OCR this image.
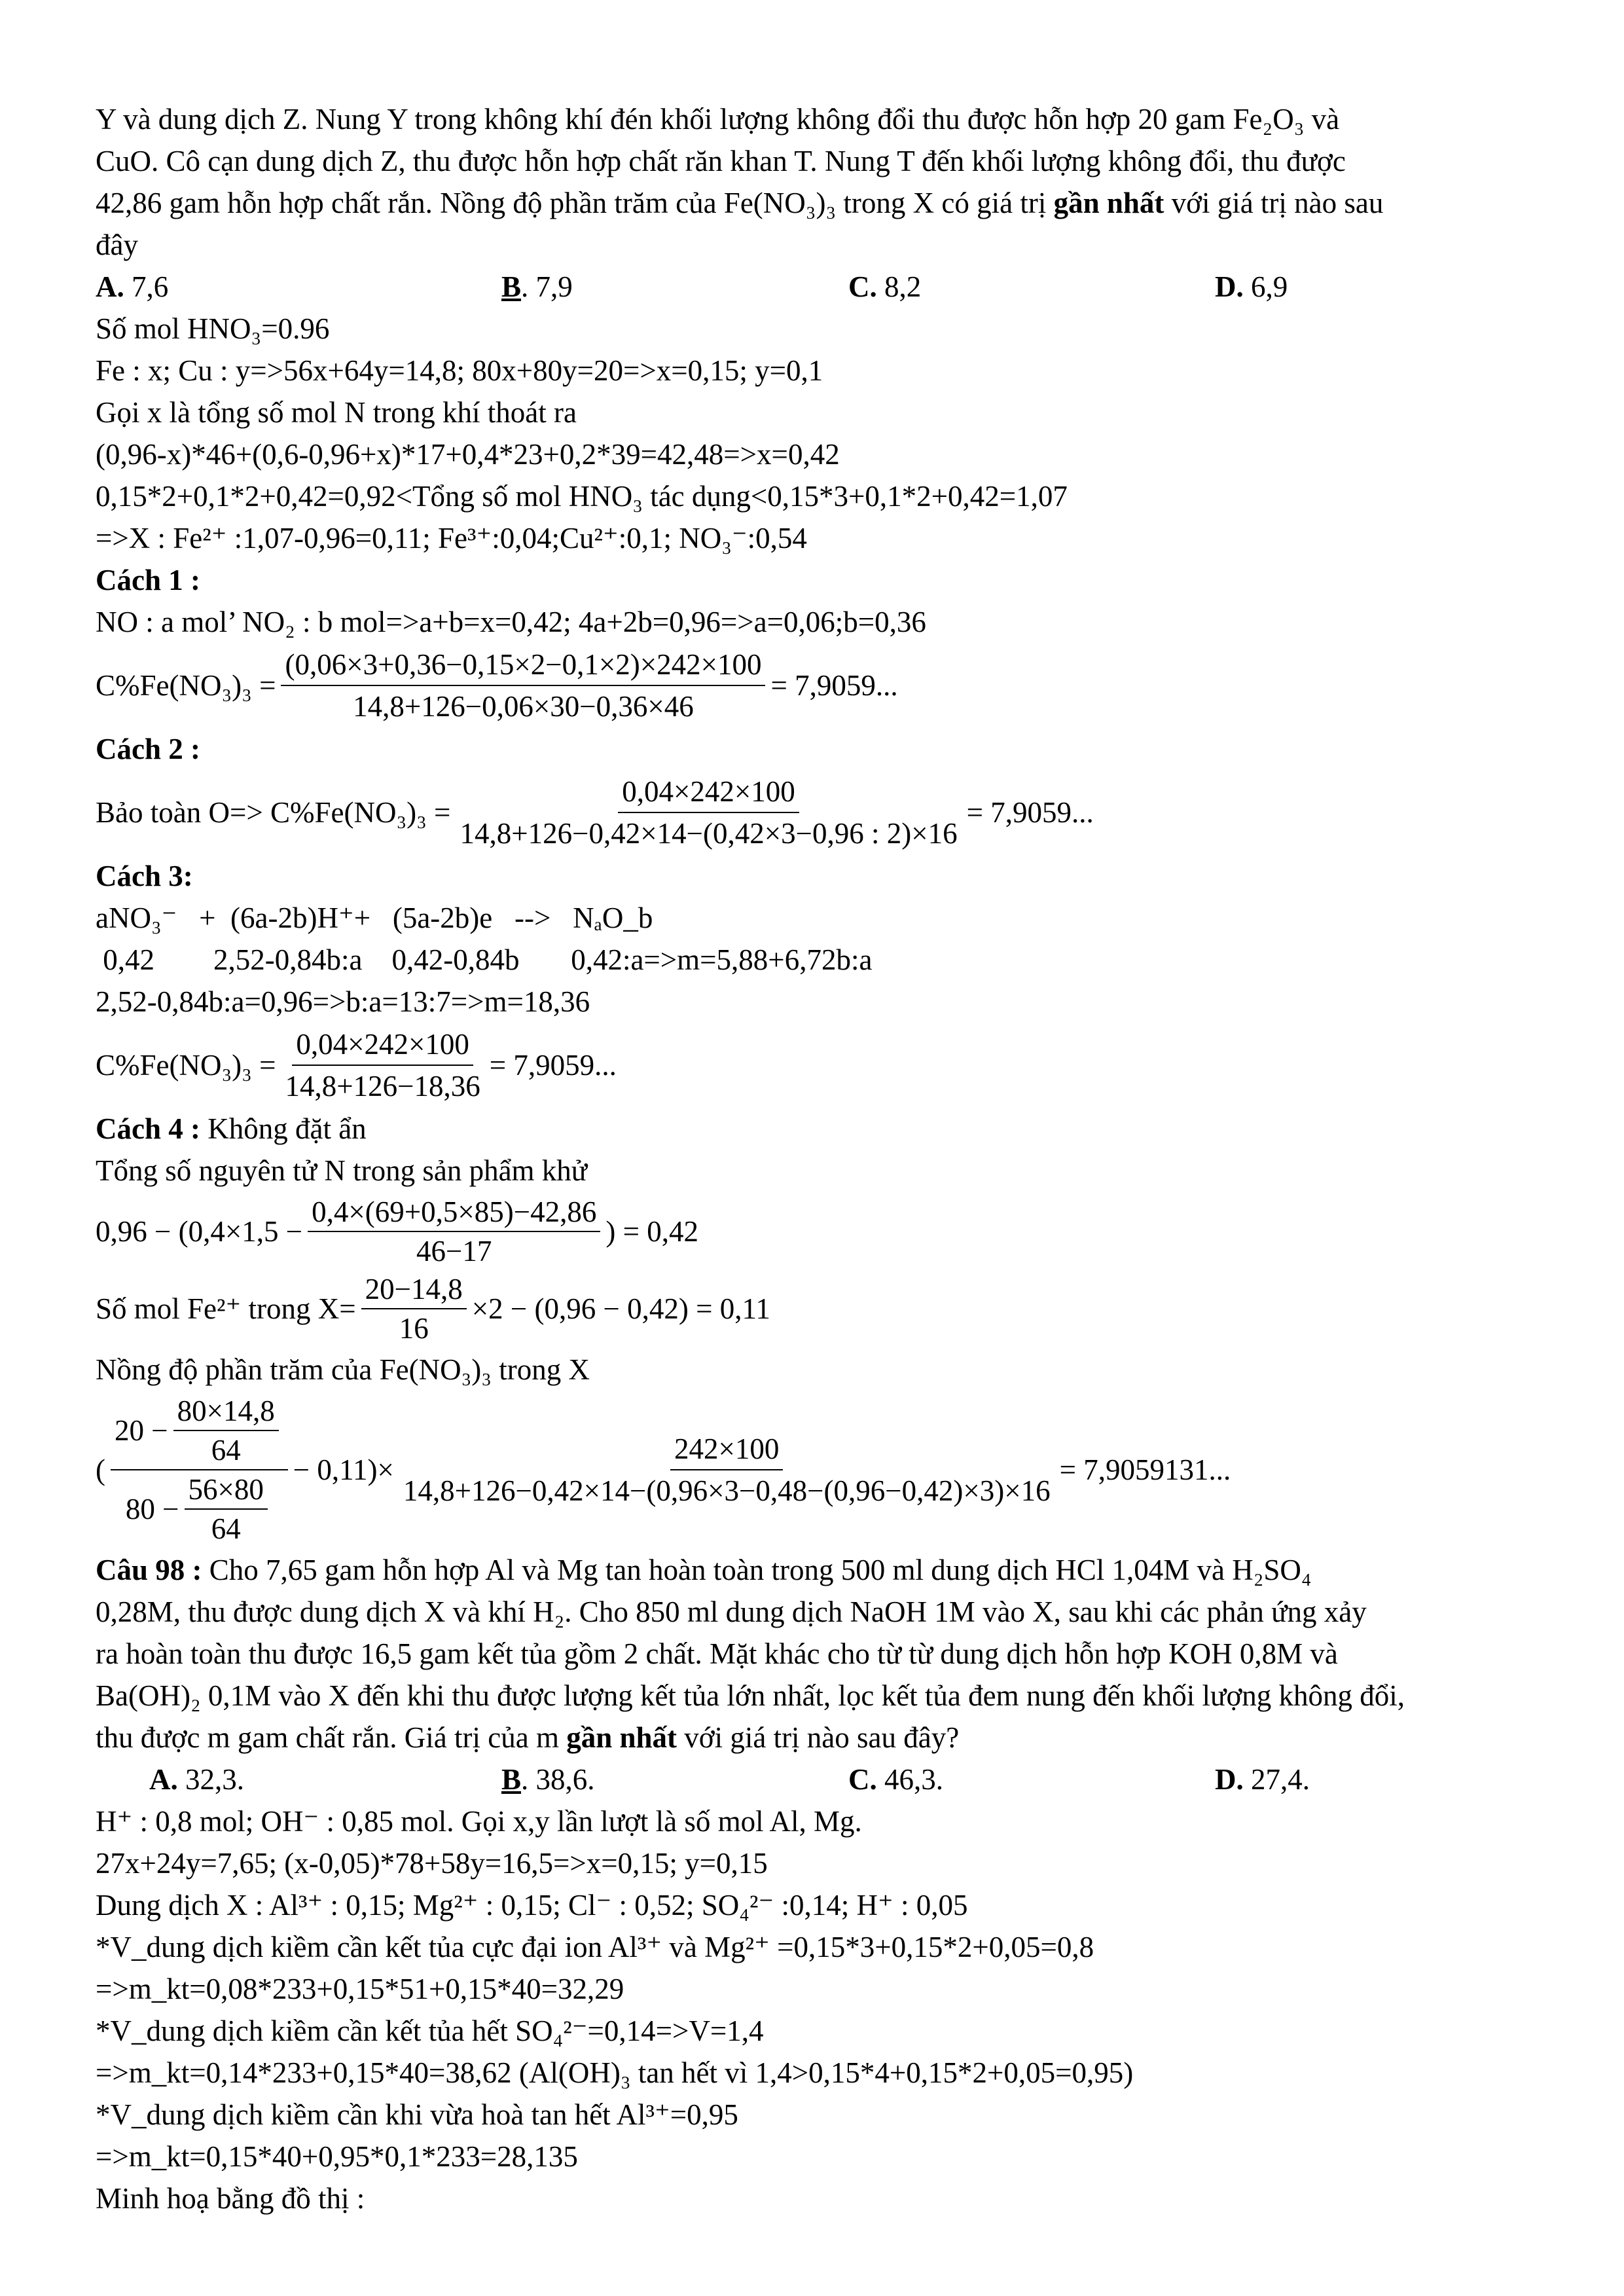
Y và dung dịch Z. Nung Y trong không khí đén khối lượng không đổi thu được hỗn hợp 20 gam Fe₂O₃ và
CuO. Cô cạn dung dịch Z, thu được hỗn hợp chất răn khan T. Nung T đến khối lượng không đổi, thu được
42,86 gam hỗn hợp chất rắn. Nồng độ phần trăm của Fe(NO₃)₃ trong X có giá trị gần nhất với giá trị nào sau
đây
A. 7,6	B. 7,9	C. 8,2	D. 6,9
Số mol HNO₃=0.96
Fe : x; Cu : y=>56x+64y=14,8; 80x+80y=20=>x=0,15; y=0,1
Gọi x là tổng số mol N trong khí thoát ra
(0,96-x)*46+(0,6-0,96+x)*17+0,4*23+0,2*39=42,48=>x=0,42
0,15*2+0,1*2+0,42=0,92<Tổng số mol HNO₃ tác dụng<0,15*3+0,1*2+0,42=1,07
=>X : Fe²⁺ :1,07-0,96=0,11; Fe³⁺:0,04;Cu²⁺:0,1; NO₃⁻:0,54
Cách 1 :
NO : a mol’ NO₂ : b mol=>a+b=x=0,42; 4a+2b=0,96=>a=0,06;b=0,36
$C\%Fe(NO_3)_3 = \frac{(0,06\times 3+0,36-0,15\times 2-0,1\times 2)\times 242\times 100}{14,8+126-0,06\times 30-0,36\times 46} = 7,9059$...
Cách 2 :
Bảo toàn $O=> C\%Fe(NO_3)_3 = \frac{0,04\times 242\times 100}{14,8+126-0,42\times 14-(0,42\times 3-0,96 : 2)\times 16} = 7,9059$...
Cách 3:
aNO₃⁻   +  (6a-2b)H⁺+   (5a-2b)e   -->   NₐO_b
0,42        2,52-0,84b:a    0,42-0,84b       0,42:a=>m=5,88+6,72b:a
2,52-0,84b:a=0,96=>b:a=13:7=>m=18,36
$C\%Fe(NO_3)_3 = \frac{0,04\times 242\times 100}{14,8+126-18,36} = 7,9059$...
Cách 4 : Không đặt ẩn
Tổng số nguyên tử N trong sản phẩm khử
$0,96 - (0,4\times 1,5 - \frac{0,4\times(69+0,5\times 85)-42,86}{46-17}$ ) = 0,42
Số mol Fe²⁺ trong $X= \frac{20-14,8}{16} \times 2 - (0,96 - 0,42) = 0,11$
Nồng độ phần trăm của Fe(NO₃)₃ trong X
( $\frac{20 - \frac{80\times 14,8}{64}}{80 - \frac{56\times 80}{64}} - 0,11)\times \frac{242\times 100}{14,8+126-0,42\times 14-(0,96\times 3-0,48-(0,96-0,42)\times 3)\times 16} = 7,9059131$...
Câu 98 : Cho 7,65 gam hỗn hợp Al và Mg tan hoàn toàn trong 500 ml dung dịch HCl 1,04M và H₂SO₄
0,28M, thu được dung dịch X và khí H₂. Cho 850 ml dung dịch NaOH 1M vào X, sau khi các phản ứng xảy
ra hoàn toàn thu được 16,5 gam kết tủa gồm 2 chất. Mặt khác cho từ từ dung dịch hỗn hợp KOH 0,8M và
Ba(OH)₂ 0,1M vào X đến khi thu được lượng kết tủa lớn nhất, lọc kết tủa đem nung đến khối lượng không đổi,
thu được m gam chất rắn. Giá trị của m gần nhất với giá trị nào sau đây?
A. 32,3.	B. 38,6.	C. 46,3.	D. 27,4.
H⁺ : 0,8 mol; OH⁻ : 0,85 mol. Gọi x,y lần lượt là số mol Al, Mg.
27x+24y=7,65; (x-0,05)*78+58y=16,5=>x=0,15; y=0,15
Dung dịch X : Al³⁺ : 0,15; Mg²⁺ : 0,15; Cl⁻ : 0,52; SO₄²⁻ :0,14; H⁺ : 0,05
*V_dung dịch kiềm cần kết tủa cực đại ion Al³⁺ và Mg²⁺ =0,15*3+0,15*2+0,05=0,8
=>m_kt=0,08*233+0,15*51+0,15*40=32,29
*V_dung dịch kiềm cần kết tủa hết SO₄²⁻=0,14=>V=1,4
=>m_kt=0,14*233+0,15*40=38,62 (Al(OH)₃ tan hết vì 1,4>0,15*4+0,15*2+0,05=0,95)
*V_dung dịch kiềm cần khi vừa hoà tan hết Al³⁺=0,95
=>m_kt=0,15*40+0,95*0,1*233=28,135
Minh hoạ bằng đồ thị :
